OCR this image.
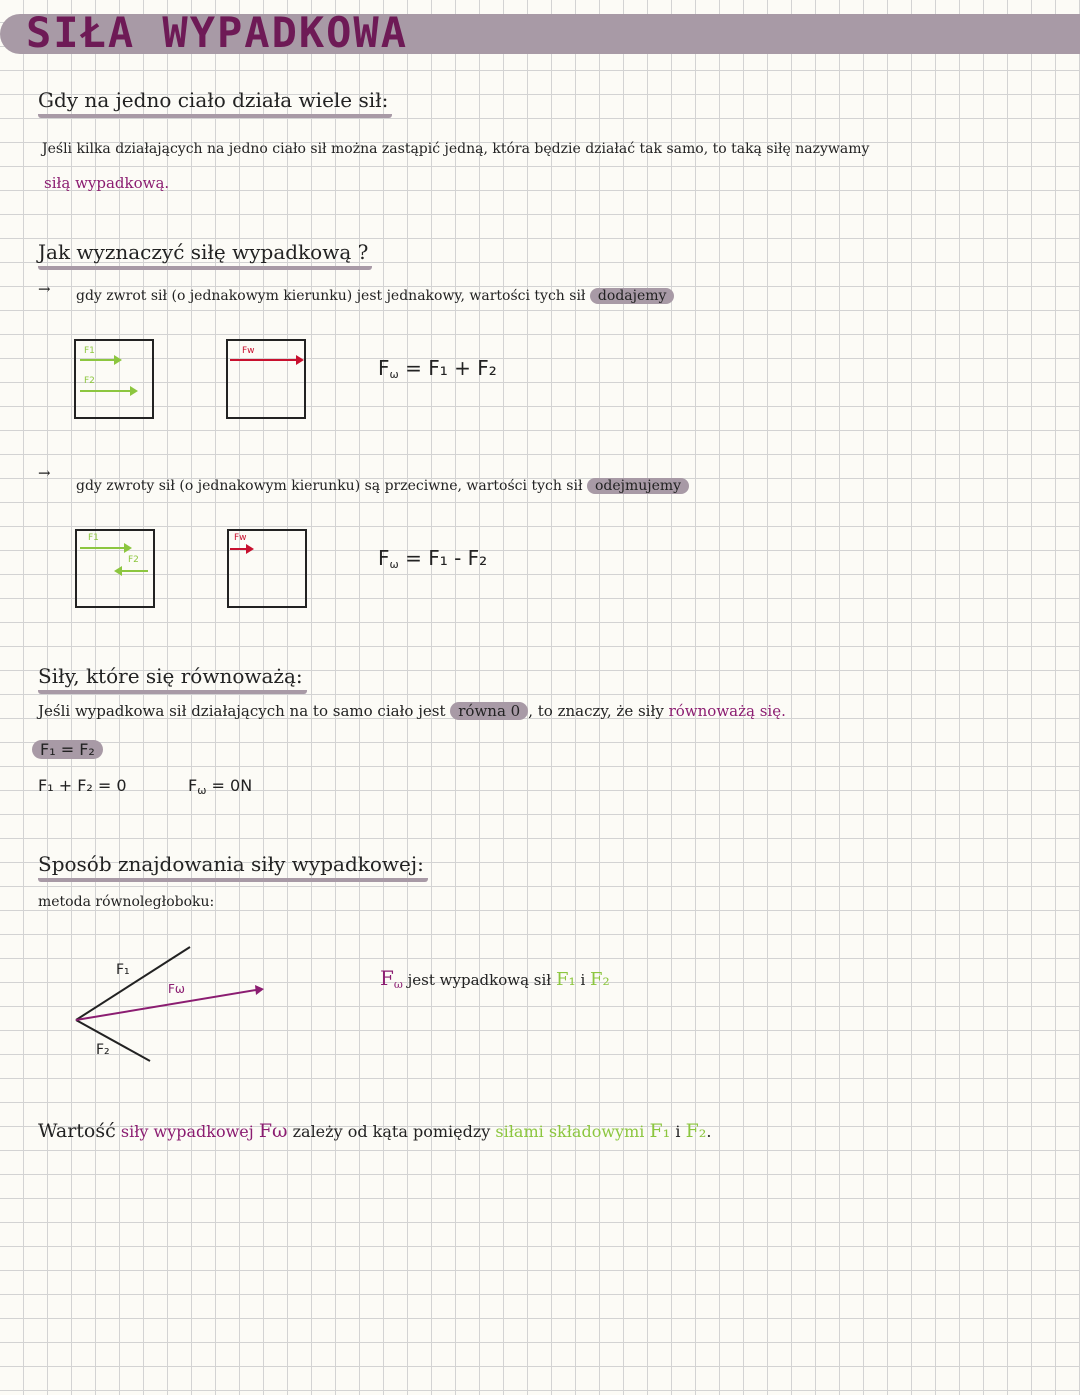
SIŁA WYPADKOWA
Gdy na jedno ciało działa wiele sił:
Jeśli kilka działających na jedno ciało sił można zastąpić jedną, która będzie działać tak samo, to taką siłę nazywamy
siłą wypadkową.
Jak wyznaczyć siłę wypadkową ?
→ gdy zwrot sił (o jednakowym kierunku) jest jednakowy, wartości tych sił dodajemy
F1
F2
Fw
$F_\omega = F_1 + F_2$
→
gdy zwroty sił (o jednakowym kierunku) są przeciwne, wartości tych sił odejmujemy
F1
F2
Fw
$F_\omega = F_1 - F_2$
Siły, które się równoważą:
Jeśli wypadkowa sił działających na to samo ciało jest równa 0 , to znaczy, że siły równoważą się.
F₁ = F₂
F₁ + F₂ = 0	$F_\omega = 0N$
Sposób znajdowania siły wypadkowej:
metoda równoległoboku:
F₁
Fω
F₂
$F_\omega$ jest wypadkową sił F₁ i F₂
Wartość siły wypadkowej Fω zależy od kąta pomiędzy siłami składowymi F₁ i F₂.
